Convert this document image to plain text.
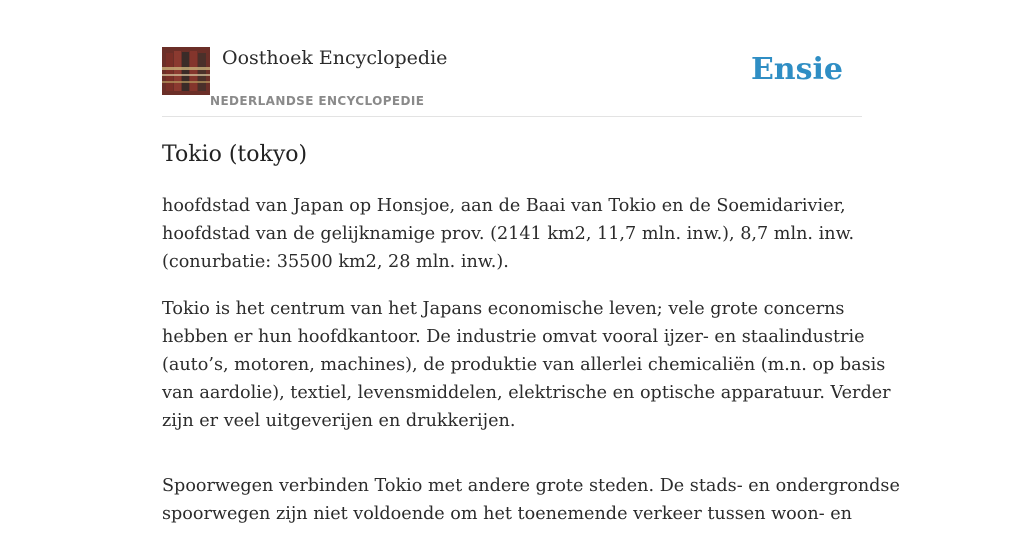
Oosthoek Encyclopedie
NEDERLANDSE ENCYCLOPEDIE
Ensie
Tokio (tokyo)

hoofdstad van Japan op Honsjoe, aan de Baai van Tokio en de Soemidarivier,
hoofdstad van de gelijknamige prov. (2141 km2, 11,7 mln. inw.), 8,7 mln. inw.
(conurbatie: 35500 km2, 28 mln. inw.).

Tokio is het centrum van het Japans economische leven; vele grote concerns
hebben er hun hoofdkantoor. De industrie omvat vooral ijzer- en staalindustrie
(auto’s, motoren, machines), de produktie van allerlei chemicaliën (m.n. op basis
van aardolie), textiel, levensmiddelen, elektrische en optische apparatuur. Verder
zijn er veel uitgeverijen en drukkerijen.

Spoorwegen verbinden Tokio met andere grote steden. De stads- en ondergrondse
spoorwegen zijn niet voldoende om het toenemende verkeer tussen woon- en
